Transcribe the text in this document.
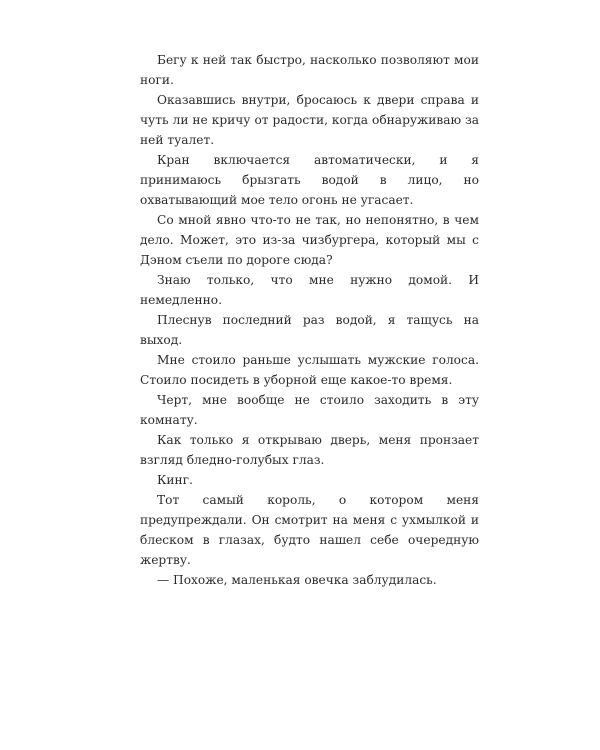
Бегу к ней так быстро, насколько позволяют мои ноги.

Оказавшись внутри, бросаюсь к двери справа и чуть ли не кричу от радости, когда обнаруживаю за ней туалет.

Кран включается автоматически, и я принимаюсь брызгать водой в лицо, но охватывающий мое тело огонь не угасает.

Со мной явно что-то не так, но непонятно, в чем дело. Может, это из-за чизбургера, который мы с Дэном съели по дороге сюда?

Знаю только, что мне нужно домой. И немедленно.

Плеснув последний раз водой, я тащусь на выход.

Мне стоило раньше услышать мужские голоса. Стоило посидеть в уборной еще какое-то время.

Черт, мне вообще не стоило заходить в эту комнату.

Как только я открываю дверь, меня пронзает взгляд бледно-голубых глаз.

Кинг.

Тот самый король, о котором меня предупреждали. Он смотрит на меня с ухмылкой и блеском в глазах, будто нашел себе очередную жертву.

— Похоже, маленькая овечка заблудилась.
